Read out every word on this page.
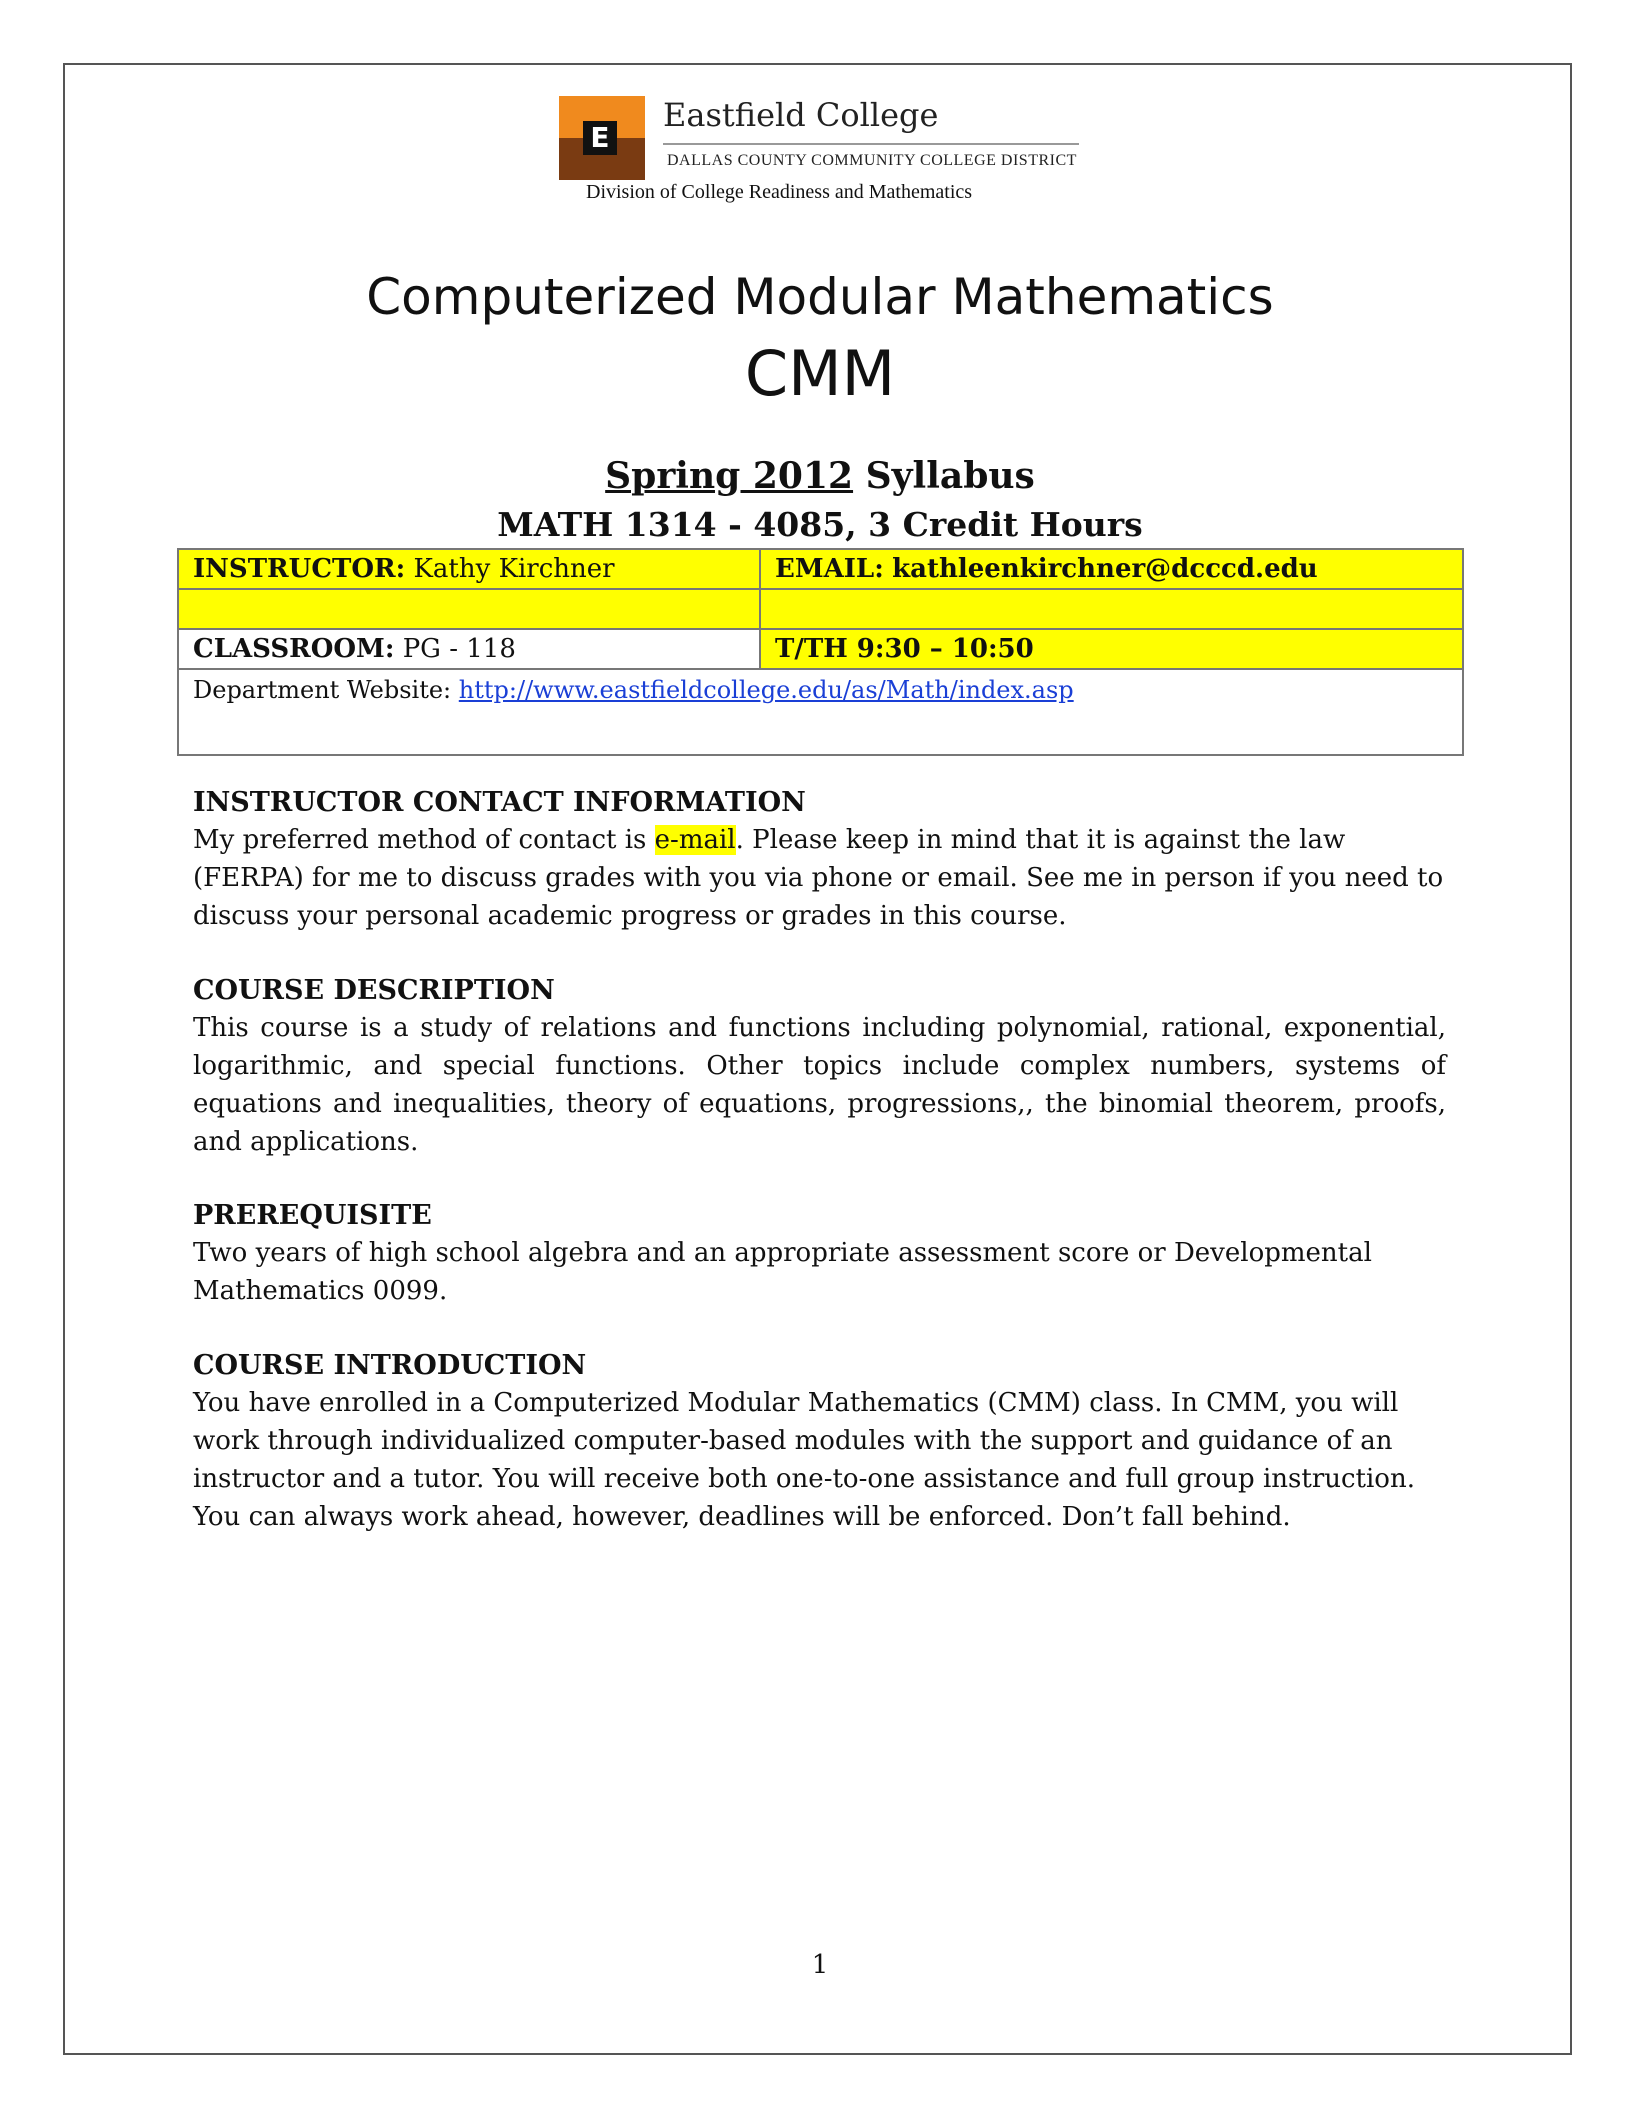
E
Eastfield College
DALLAS COUNTY COMMUNITY COLLEGE DISTRICT
Division of College Readiness and Mathematics
Computerized Modular Mathematics
CMM
Spring 2012 Syllabus
MATH 1314 - 4085, 3 Credit Hours
INSTRUCTOR: Kathy Kirchner	EMAIL: kathleenkirchner@dcccd.edu

CLASSROOM: PG - 118	T/TH 9:30 – 10:50
Department Website: http://www.eastfieldcollege.edu/as/Math/index.asp	
INSTRUCTOR CONTACT INFORMATION

My preferred method of contact is e-mail. Please keep in mind that it is against the law (FERPA) for me to discuss grades with you via phone or email. See me in person if you need to discuss your personal academic progress or grades in this course.

COURSE DESCRIPTION

This course is a study of relations and functions including polynomial, rational, exponential, logarithmic, and special functions. Other topics include complex numbers, systems of equations and inequalities, theory of equations, progressions,, the binomial theorem, proofs, and applications.

PREREQUISITE

Two years of high school algebra and an appropriate assessment score or Developmental Mathematics 0099.

COURSE INTRODUCTION

You have enrolled in a Computerized Modular Mathematics (CMM) class. In CMM, you will work through individualized computer-based modules with the support and guidance of an instructor and a tutor. You will receive both one-to-one assistance and full group instruction. You can always work ahead, however, deadlines will be enforced. Don’t fall behind.

1
